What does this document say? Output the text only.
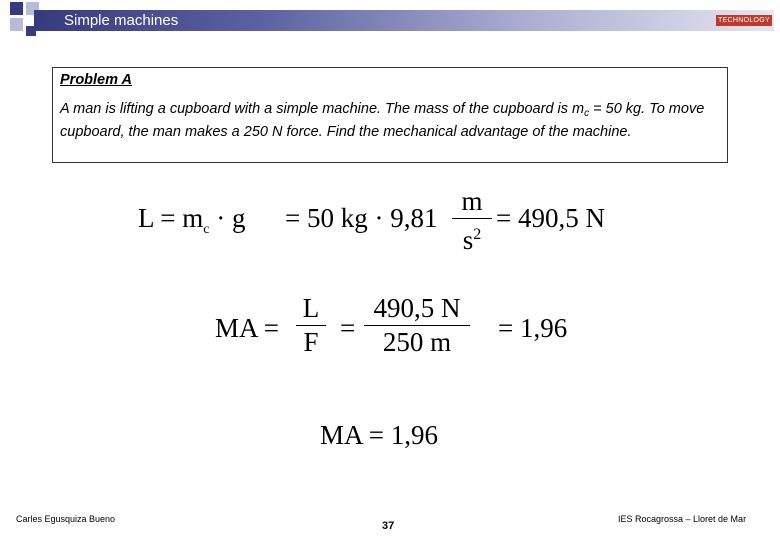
Simple machines	TECHNOLOGY
Problem A
A man is lifting a cupboard with a simple machine. The mass of the cupboard is $m_c = 50$ kg. To move cupboard, the man makes a 250 N force. Find the mechanical advantage of the machine.
$L = m_c \cdot g = 50$ kg · $9,81 \frac{m}{s^2} = 490,5$ N
MA = $\frac{L}{F} = \frac{490,5 N}{250 m} = 1,96$
MA = 1,96
Carles Egusquiza Bueno
37
IES Rocagrossa – Lloret de Mar
